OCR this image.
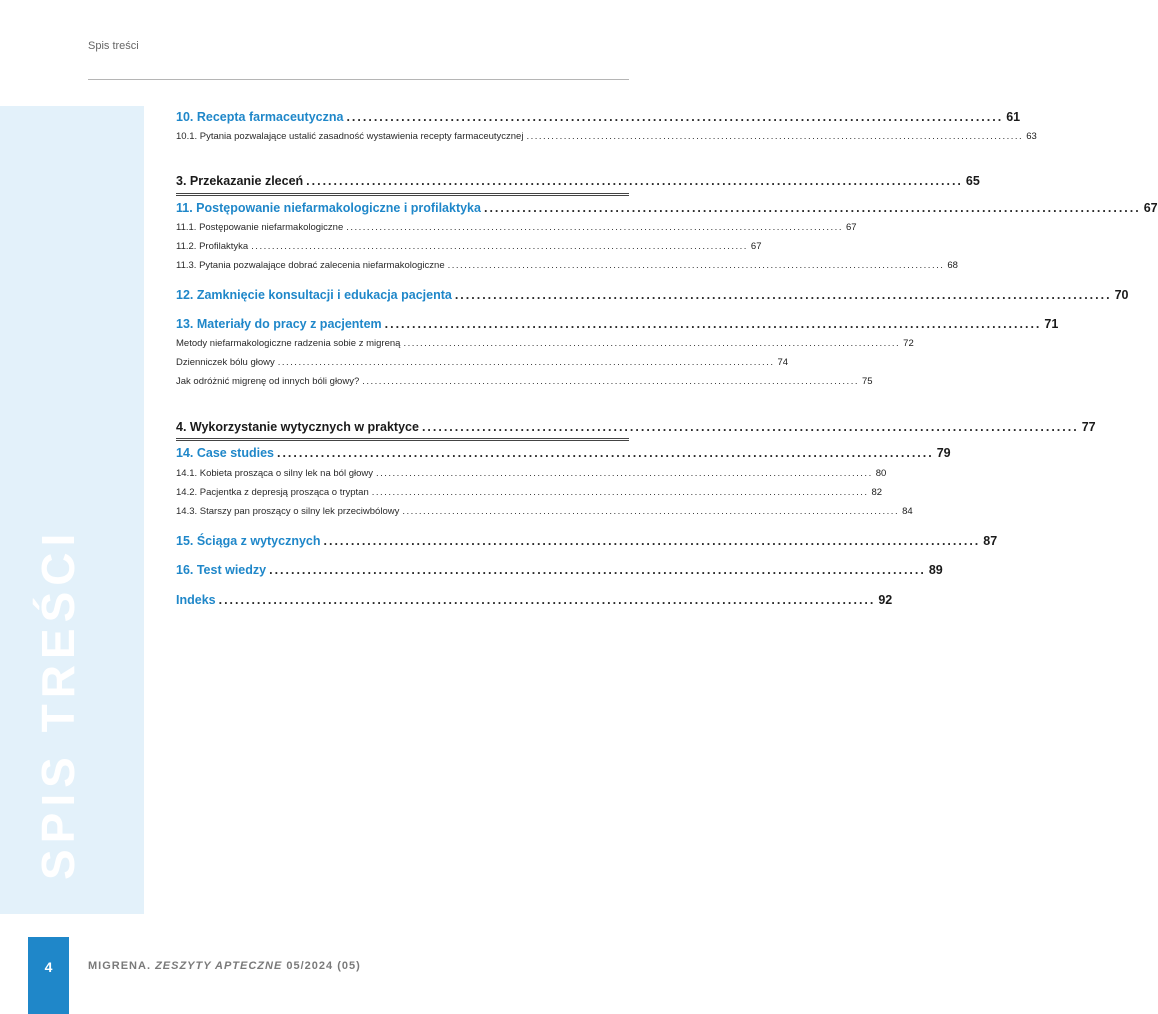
Spis treści
SPIS TREŚCI
10. Recepta farmaceutyczna ........................................................................................................................ 61
10.1. Pytania pozwalające ustalić zasadność wystawienia recepty farmaceutycznej ........................................................................................................................ 63
3. Przekazanie zleceń ........................................................................................................................ 65
11. Postępowanie niefarmakologiczne i profilaktyka ........................................................................................................................ 67
11.1. Postępowanie niefarmakologiczne ........................................................................................................................ 67
11.2. Profilaktyka ........................................................................................................................ 67
11.3. Pytania pozwalające dobrać zalecenia niefarmakologiczne ........................................................................................................................ 68
12. Zamknięcie konsultacji i edukacja pacjenta ........................................................................................................................ 70
13. Materiały do pracy z pacjentem ........................................................................................................................ 71
Metody niefarmakologiczne radzenia sobie z migreną ........................................................................................................................ 72
Dzienniczek bólu głowy ........................................................................................................................ 74
Jak odróżnić migrenę od innych bóli głowy? ........................................................................................................................ 75
4. Wykorzystanie wytycznych w praktyce ........................................................................................................................ 77
14. Case studies ........................................................................................................................ 79
14.1. Kobieta prosząca o silny lek na ból głowy ........................................................................................................................ 80
14.2. Pacjentka z depresją prosząca o tryptan ........................................................................................................................ 82
14.3. Starszy pan proszący o silny lek przeciwbólowy ........................................................................................................................ 84
15. Ściąga z wytycznych ........................................................................................................................ 87
16. Test wiedzy ........................................................................................................................ 89
Indeks ........................................................................................................................ 92
4	MIGRENA. ZESZYTY APTECZNE 05/2024 (05)
